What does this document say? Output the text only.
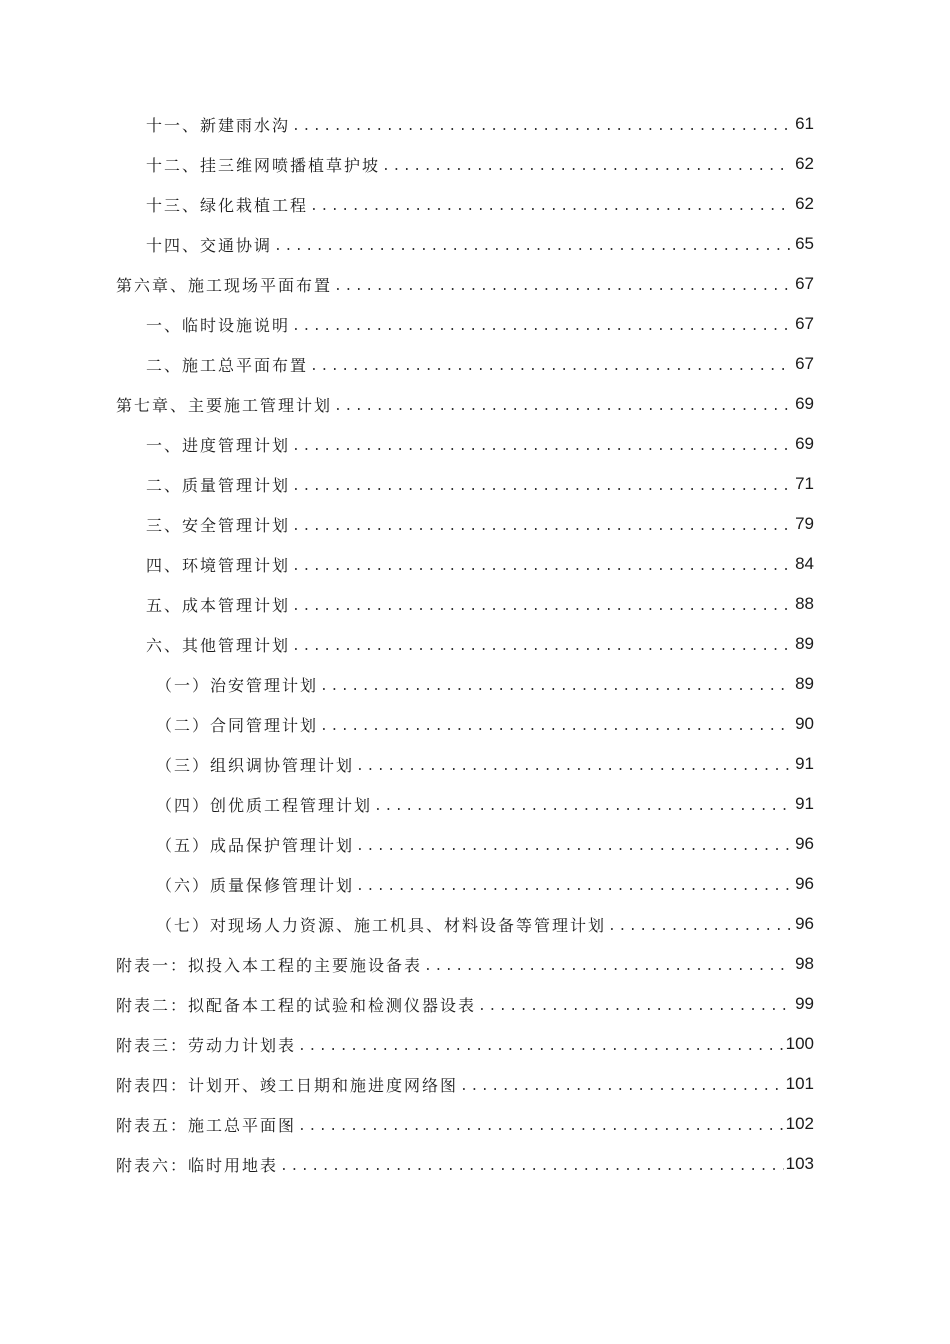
十一、新建雨水沟 .....	61
十二、挂三维网喷播植草护坡 .....	62
十三、绿化栽植工程 .....	62
十四、交通协调 .....	65
第六章、施工现场平面布置 .....	67
一、临时设施说明 .....	67
二、施工总平面布置 .....	67
第七章、主要施工管理计划 .....	69
一、进度管理计划 .....	69
二、质量管理计划 .....	71
三、安全管理计划 .....	79
四、环境管理计划 .....	84
五、成本管理计划 .....	88
六、其他管理计划 .....	89
（一）治安管理计划 .....	89
（二）合同管理计划 .....	90
（三）组织调协管理计划 .....	91
（四）创优质工程管理计划 .....	91
（五）成品保护管理计划 .....	96
（六）质量保修管理计划 .....	96
（七）对现场人力资源、施工机具、材料设备等管理计划 .....	96
附表一：拟投入本工程的主要施设备表 .....	98
附表二：拟配备本工程的试验和检测仪器设表 .....	99
附表三：劳动力计划表 .....	100
附表四：计划开、竣工日期和施进度网络图 .....	101
附表五：施工总平面图 .....	102
附表六：临时用地表 .....	103
